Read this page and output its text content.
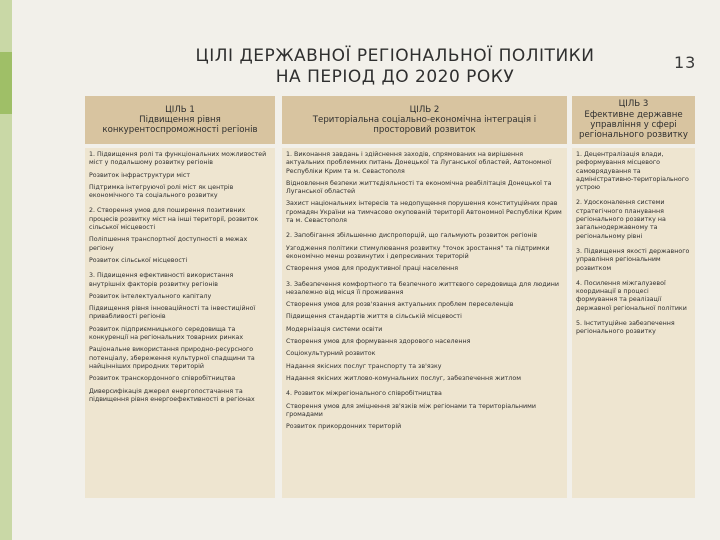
ЦІЛІ ДЕРЖАВНОЇ РЕГІОНАЛЬНОЇ ПОЛІТИКИ
НА ПЕРІОД ДО 2020 РОКУ
13
ЦІЛЬ 1
Підвищення рівня конкурентоспроможності регіонів
ЦІЛЬ 2
Територіальна соціально-економічна інтеграція і просторовий розвиток
ЦІЛЬ 3
Ефективне державне управління у сфері регіонального розвитку
1. Підвищення ролі та функціональних можливостей міст у подальшому розвитку регіонів
Розвиток інфраструктури міст
Підтримка інтегруючої ролі міст як центрів економічного та соціального розвитку
2. Створення умов для поширення позитивних процесів розвитку міст на інші території, розвиток сільської місцевості
Поліпшення транспортної доступності в межах регіону
Розвиток сільської місцевості
3. Підвищення ефективності використання внутрішніх факторів розвитку регіонів
Розвиток інтелектуального капіталу
Підвищення рівня інноваційності та інвестиційної привабливості регіонів
Розвиток підприємницького середовища та конкуренції на регіональних товарних ринках
Раціональне використання природно-ресурсного потенціалу, збереження культурної спадщини та найцінніших природних територій
Розвиток транскордонного співробітництва
Диверсифікація джерел енергопостачання та підвищення рівня енергоефективності в регіонах
1. Виконання завдань і здійснення заходів, спрямованих на вирішення актуальних проблемних питань Донецької та Луганської областей, Автономної Республіки Крим та м. Севастополя
Відновлення безпеки життєдіяльності та економічна реабілітація Донецької та Луганської областей
Захист національних інтересів та недопущення порушення конституційних прав громадян України на тимчасово окупованій території Автономної Республіки Крим та м. Севастополя
2. Запобігання збільшенню диспропорцій, що гальмують розвиток регіонів
Узгодження політики стимулювання розвитку "точок зростання" та підтримки економічно менш розвинутих і депресивних територій
Створення умов для продуктивної праці населення
3. Забезпечення комфортного та безпечного життєвого середовища для людини незалежно від місця її проживання
Створення умов для розв'язання актуальних проблем переселенців
Підвищення стандартів життя в сільській місцевості
Модернізація системи освіти
Створення умов для формування здорового населення
Соціокультурний розвиток
Надання якісних послуг транспорту та зв'язку
Надання якісних житлово-комунальних послуг, забезпечення житлом
4. Розвиток міжрегіонального співробітництва
Створення умов для зміцнення зв'язків між регіонами та територіальними громадами
Розвиток прикордонних територій
1. Децентралізація влади, реформування місцевого самоврядування та адміністративно-територіального устрою
2. Удосконалення системи стратегічного планування регіонального розвитку на загальнодержавному та регіональному рівні
3. Підвищення якості державного управління регіональним розвитком
4. Посилення міжгалузевої координації в процесі формування та реалізації державної регіональної політики
5. Інституційне забезпечення регіонального розвитку
